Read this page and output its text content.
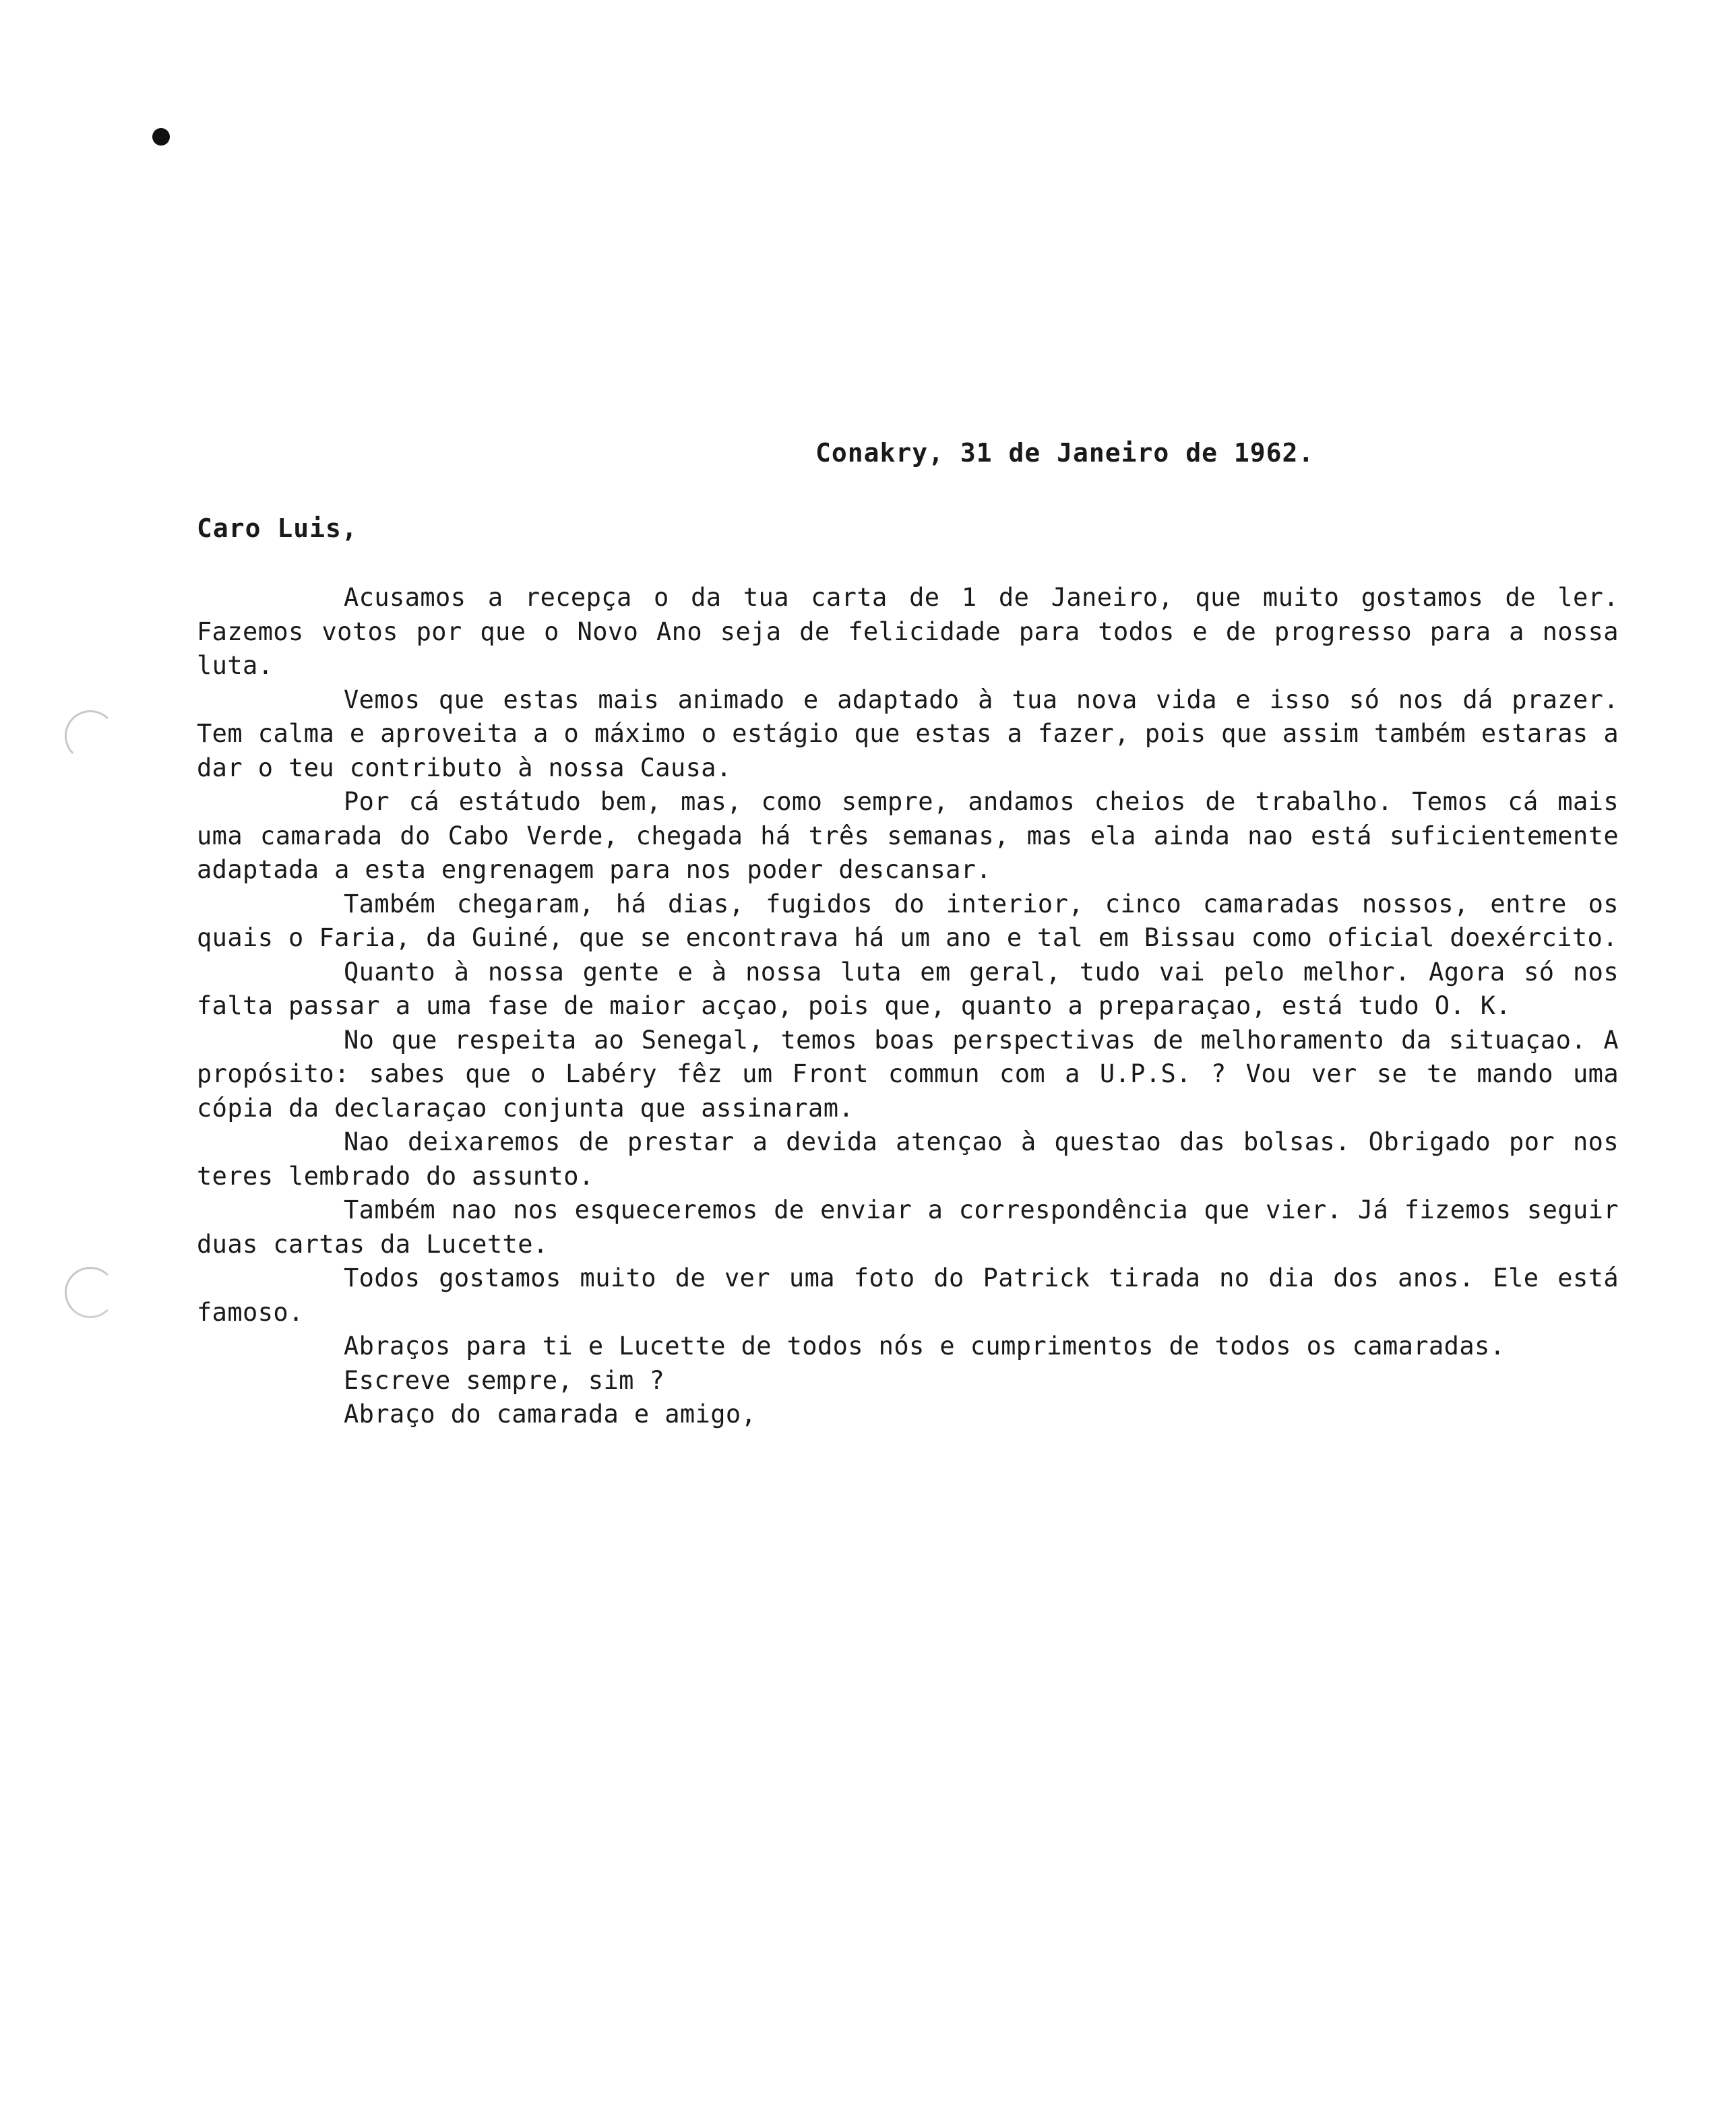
Conakry, 31 de Janeiro de 1962.
Caro Luis,

Acusamos a recepça o da tua carta de 1 de Janeiro, que muito gostamos de ler. Fazemos votos por que o Novo Ano seja de felicidade para todos e de progresso para a nossa luta.

Vemos que estas mais animado e adaptado à tua nova vida e isso só nos dá prazer. Tem calma e aproveita a o máximo o estágio que estas a fazer, pois que assim também estaras a dar o teu contributo à nossa Causa.

Por cá estátudo bem, mas, como sempre, andamos cheios de trabalho. Temos cá mais uma camarada do Cabo Verde, chegada há três semanas, mas ela ainda nao está suficientemente adaptada a esta engrenagem para nos poder descansar.

Também chegaram, há dias, fugidos do interior, cinco camaradas nossos, entre os quais o Faria, da Guiné, que se encontrava há um ano e tal em Bissau como oficial doexército.

Quanto à nossa gente e à nossa luta em geral, tudo vai pelo melhor. Agora só nos falta passar a uma fase de maior acçao, pois que, quanto a preparaçao, está tudo O. K.

No que respeita ao Senegal, temos boas perspectivas de melhoramento da situaçao. A propósito: sabes que o Labéry fêz um Front commun com a U.P.S. ? Vou ver se te mando uma cópia da declaraçao conjunta que assinaram.

Nao deixaremos de prestar a devida atençao à questao das bolsas. Obrigado por nos teres lembrado do assunto.

Também nao nos esqueceremos de enviar a correspondência que vier. Já fizemos seguir duas cartas da Lucette.

Todos gostamos muito de ver uma foto do Patrick tirada no dia dos anos. Ele está famoso.

Abraços para ti e Lucette de todos nós e cumprimentos de todos os camaradas.

Escreve sempre, sim ?

Abraço do camarada e amigo,
